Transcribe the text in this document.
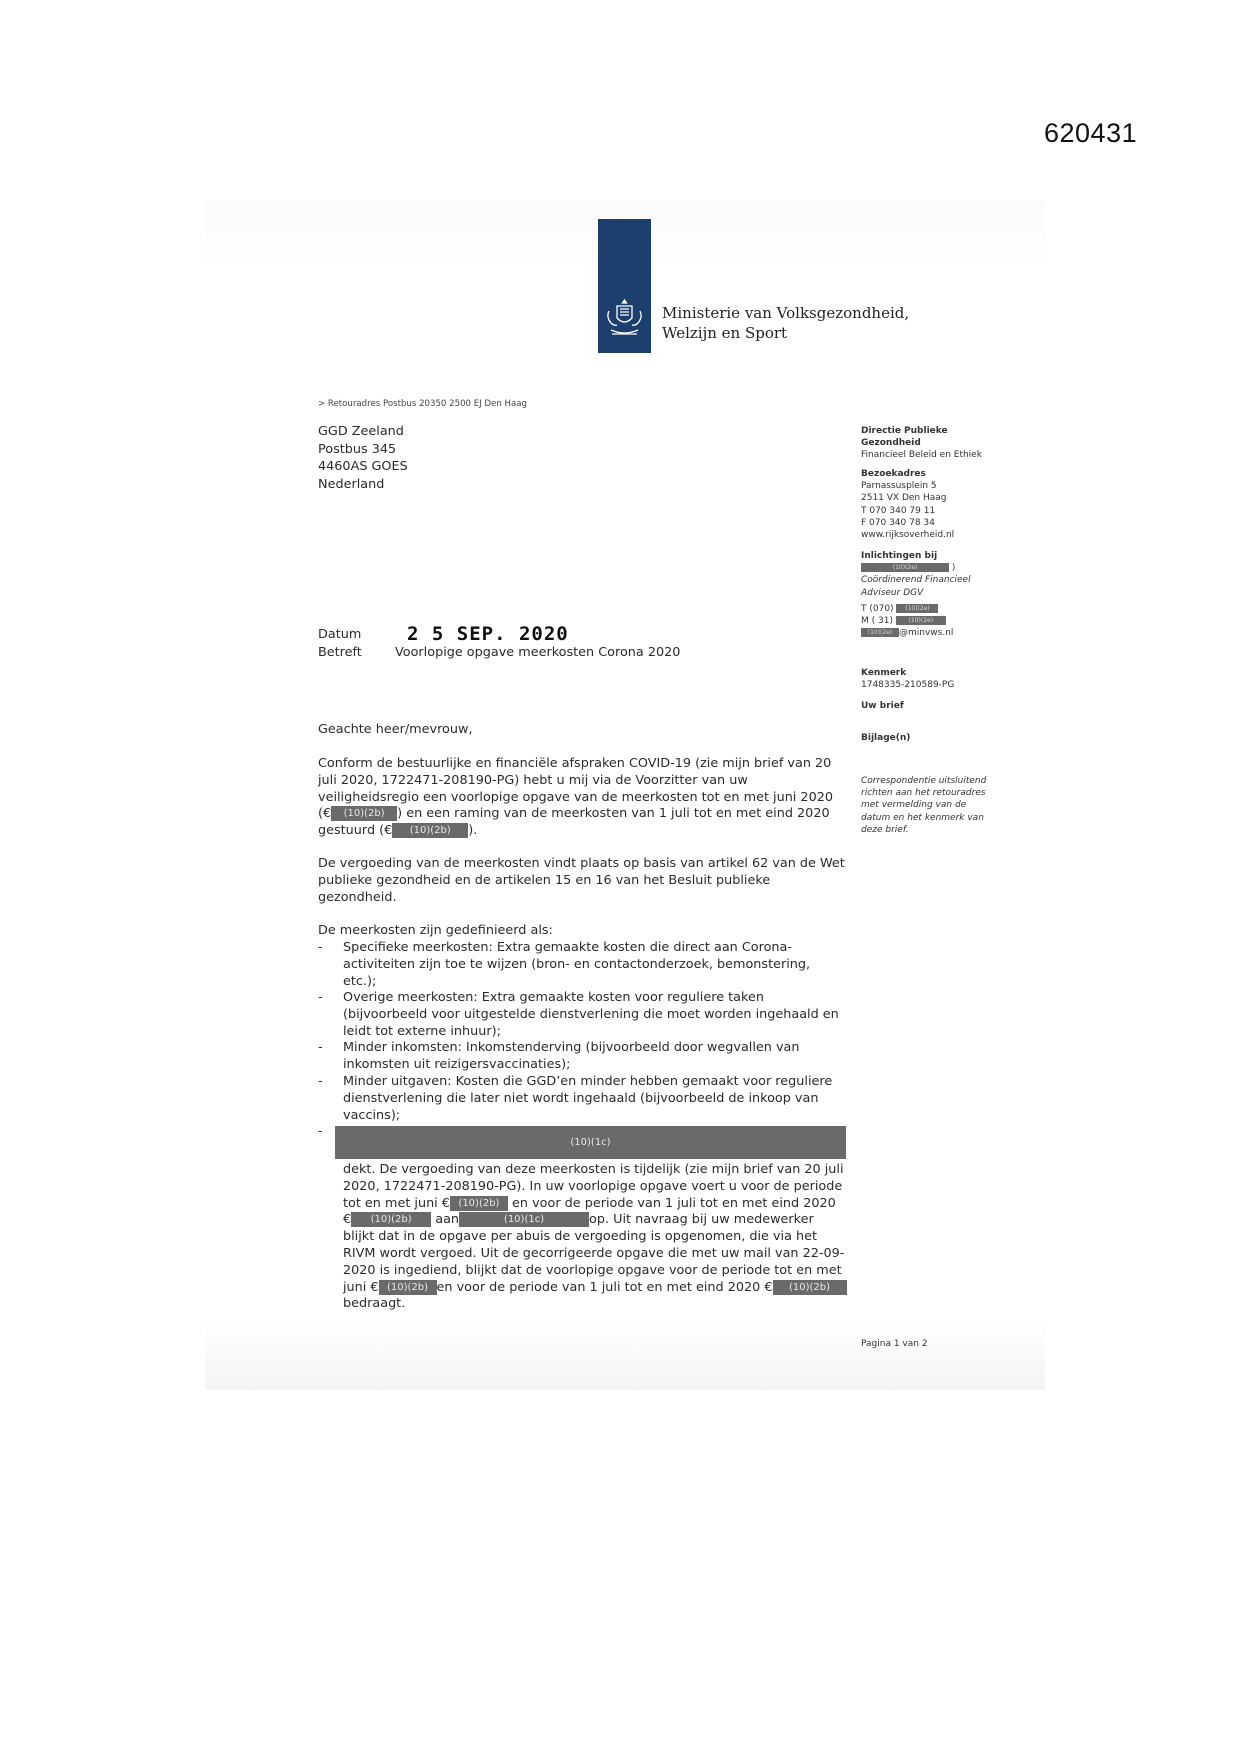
620431
Ministerie van Volksgezondheid,
Welzijn en Sport
> Retouradres Postbus 20350 2500 EJ Den Haag
GGD Zeeland
Postbus 345
4460AS GOES
Nederland
Datum 2 5 SEP. 2020
Betreft	Voorlopige opgave meerkosten Corona 2020
Geachte heer/mevrouw,
Conform de bestuurlijke en financiële afspraken COVID-19 (zie mijn brief van 20
juli 2020, 1722471-208190-PG) hebt u mij via de Voorzitter van uw
veiligheidsregio een voorlopige opgave van de meerkosten tot en met juni 2020
(€ (10)(2b) ) en een raming van de meerkosten van 1 juli tot en met eind 2020
gestuurd (€ (10)(2b) ).
De vergoeding van de meerkosten vindt plaats op basis van artikel 62 van de Wet
publieke gezondheid en de artikelen 15 en 16 van het Besluit publieke
gezondheid.
De meerkosten zijn gedefinieerd als:
- Specifieke meerkosten: Extra gemaakte kosten die direct aan Corona-
activiteiten zijn toe te wijzen (bron- en contactonderzoek, bemonstering,
etc.);
- Overige meerkosten: Extra gemaakte kosten voor reguliere taken
(bijvoorbeeld voor uitgestelde dienstverlening die moet worden ingehaald en
leidt tot externe inhuur);
- Minder inkomsten: Inkomstenderving (bijvoorbeeld door wegvallen van
inkomsten uit reizigersvaccinaties);
- Minder uitgaven: Kosten die GGD’en minder hebben gemaakt voor reguliere
dienstverlening die later niet wordt ingehaald (bijvoorbeeld de inkoop van
vaccins);
-
(10)(1c)
dekt. De vergoeding van deze meerkosten is tijdelijk (zie mijn brief van 20 juli
2020, 1722471-208190-PG). In uw voorlopige opgave voert u voor de periode
tot en met juni € (10)(2b) en voor de periode van 1 juli tot en met eind 2020
€ (10)(2b) aan	(10)(1c)	op. Uit navraag bij uw medewerker
blijkt dat in de opgave per abuis de vergoeding is opgenomen, die via het
RIVM wordt vergoed. Uit de gecorrigeerde opgave die met uw mail van 22-09-
2020 is ingediend, blijkt dat de voorlopige opgave voor de periode tot en met
juni € (10)(2b) en voor de periode van 1 juli tot en met eind 2020 € (10)(2b)
bedraagt.
Directie Publieke
Gezondheid
Financieel Beleid en Ethiek
Bezoekadres
Parnassusplein 5
2511 VX Den Haag
T 070 340 79 11
F 070 340 78 34
www.rijksoverheid.nl
Inlichtingen bij
(10)(2e)	)
Coördinerend Financieel
Adviseur DGV
T (070) (10)(2e)
M ( 31)	(10)(2e)
(10)(2e) @minvws.nl
Kenmerk
1748335-210589-PG
Uw brief
Bijlage(n)
Correspondentie uitsluitend
richten aan het retouradres
met vermelding van de
datum en het kenmerk van
deze brief.
Pagina 1 van 2
